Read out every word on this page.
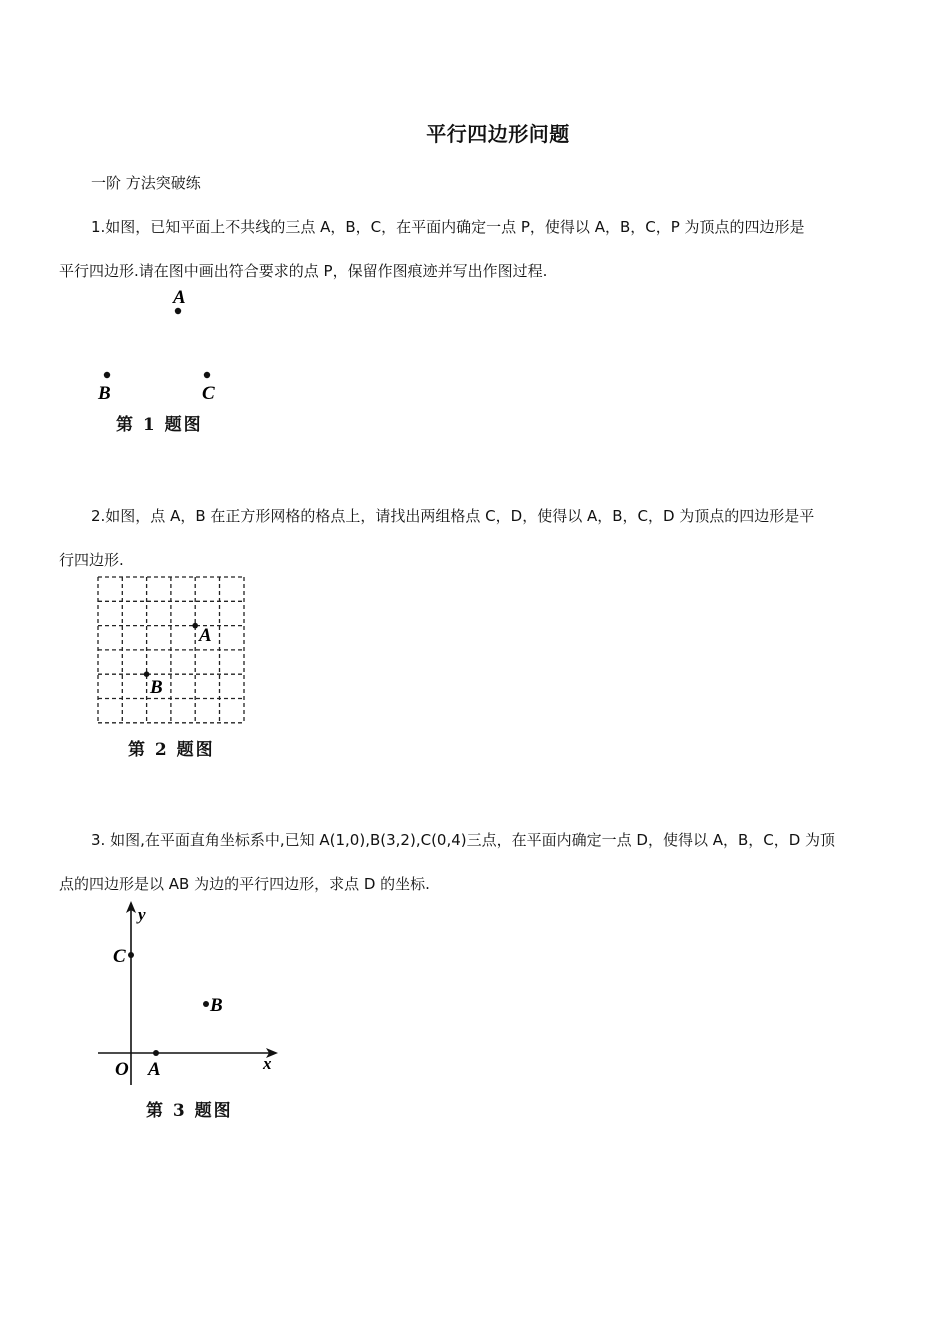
平行四边形问题
一阶 方法突破练
1.如图，已知平面上不共线的三点 A，B，C，在平面内确定一点 P，使得以 A，B，C，P 为顶点的四边形是
平行四边形.请在图中画出符合要求的点 P，保留作图痕迹并写出作图过程.
A
B	C
第 1 题图
2.如图，点 A，B 在正方形网格的格点上，请找出两组格点 C，D，使得以 A，B，C，D 为顶点的四边形是平
行四边形.
A
B
第 2 题图
3. 如图,在平面直角坐标系中,已知 A(1,0),B(3,2),C(0,4)三点，在平面内确定一点 D，使得以 A，B，C，D 为顶
点的四边形是以 AB 为边的平行四边形，求点 D 的坐标.
O A
B
C
x
y
第 3 题图
